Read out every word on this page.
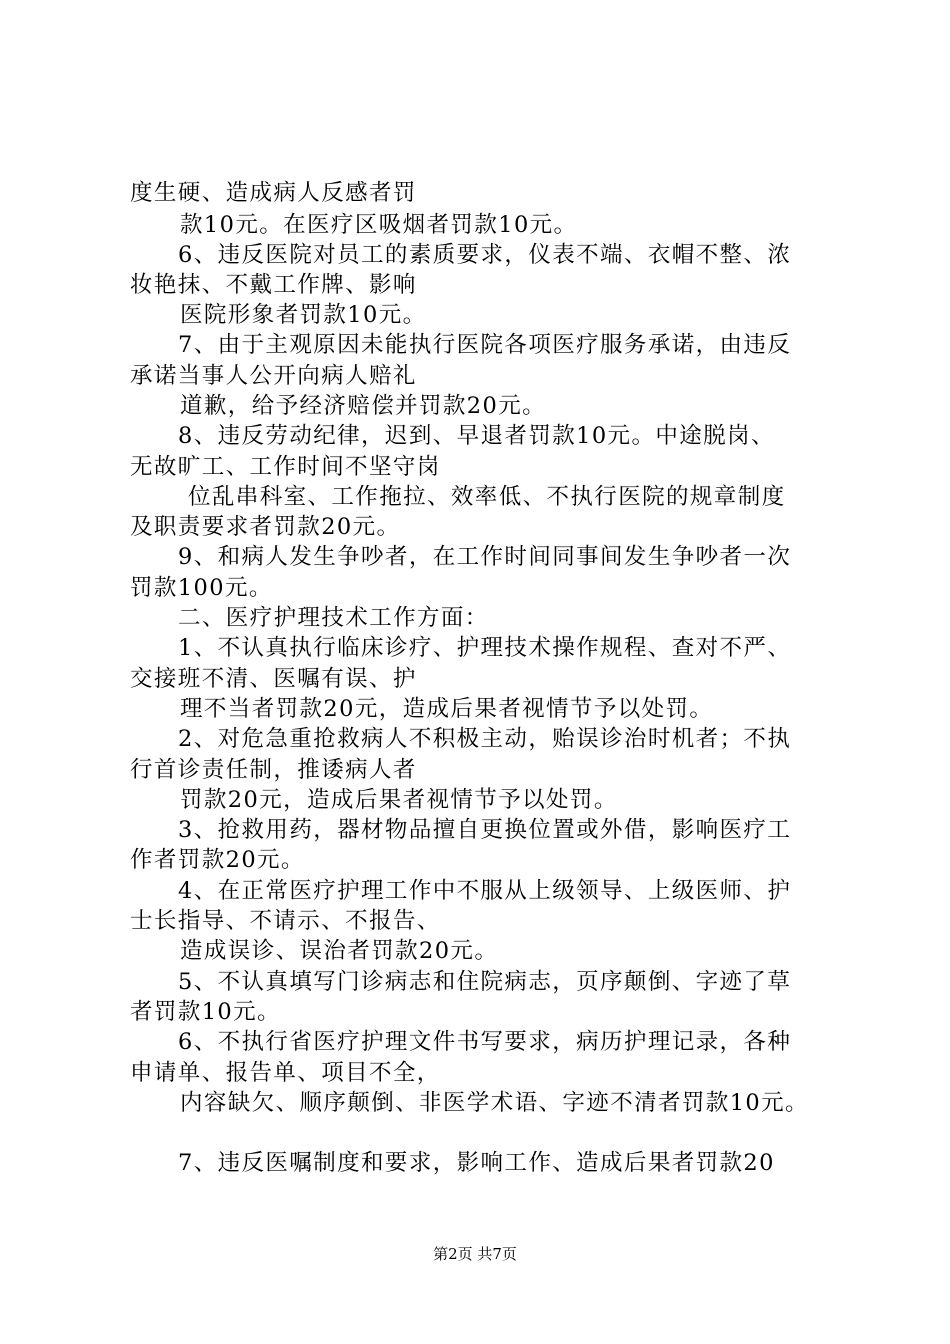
度生硬、造成病人反感者罚
款10元。在医疗区吸烟者罚款10元。
6、违反医院对员工的素质要求，仪表不端、衣帽不整、浓
妆艳抹、不戴工作牌、影响
医院形象者罚款10元。
7、由于主观原因未能执行医院各项医疗服务承诺，由违反
承诺当事人公开向病人赔礼
道歉，给予经济赔偿并罚款20元。
8、违反劳动纪律，迟到、早退者罚款10元。中途脱岗、
无故旷工、工作时间不坚守岗
位乱串科室、工作拖拉、效率低、不执行医院的规章制度
及职责要求者罚款20元。
9、和病人发生争吵者，在工作时间同事间发生争吵者一次
罚款100元。
二、医疗护理技术工作方面：
1、不认真执行临床诊疗、护理技术操作规程、查对不严、
交接班不清、医嘱有误、护
理不当者罚款20元，造成后果者视情节予以处罚。
2、对危急重抢救病人不积极主动，贻误诊治时机者；不执
行首诊责任制，推诿病人者
罚款20元，造成后果者视情节予以处罚。
3、抢救用药，器材物品擅自更换位置或外借，影响医疗工
作者罚款20元。
4、在正常医疗护理工作中不服从上级领导、上级医师、护
士长指导、不请示、不报告、
造成误诊、误治者罚款20元。
5、不认真填写门诊病志和住院病志，页序颠倒、字迹了草
者罚款10元。
6、不执行省医疗护理文件书写要求，病历护理记录，各种
申请单、报告单、项目不全，
内容缺欠、顺序颠倒、非医学术语、字迹不清者罚款10元。
7、违反医嘱制度和要求，影响工作、造成后果者罚款20
第2页 共7页
